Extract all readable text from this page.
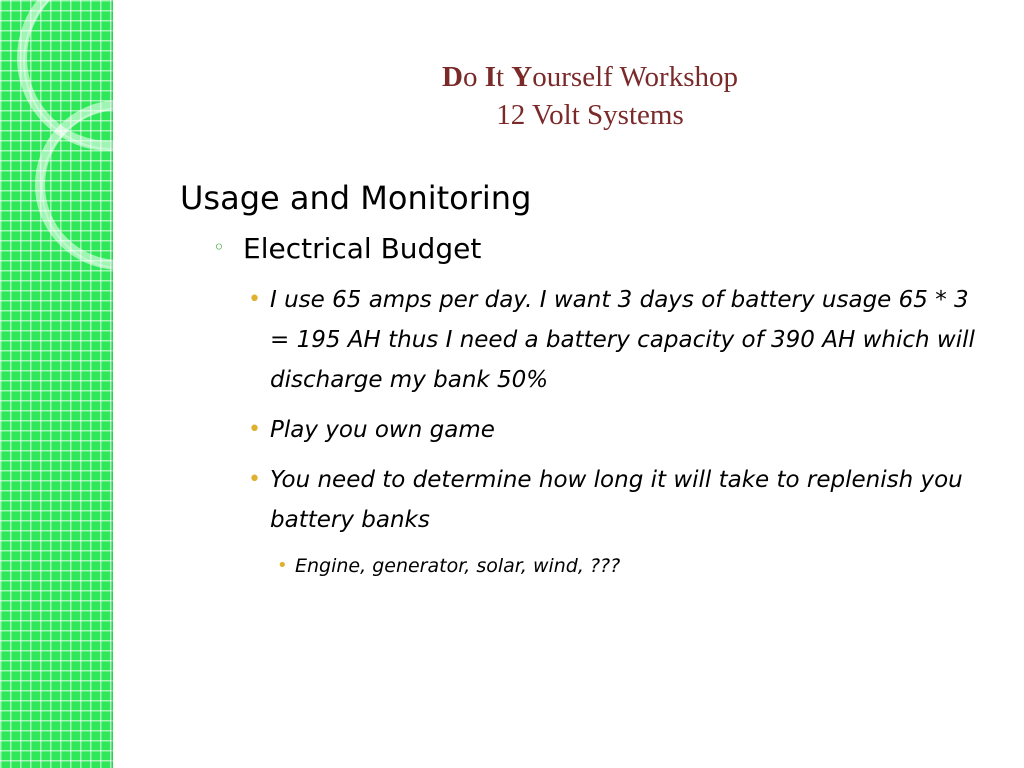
Do It Yourself Workshop
12 Volt Systems

Usage and Monitoring

◦ Electrical Budget

• I use 65 amps per day. I want 3 days of battery usage 65 * 3 = 195 AH thus I need a battery capacity of 390 AH which will discharge my bank 50%

• Play you own game

• You need to determine how long it will take to replenish you battery banks

• Engine, generator, solar, wind, ???
